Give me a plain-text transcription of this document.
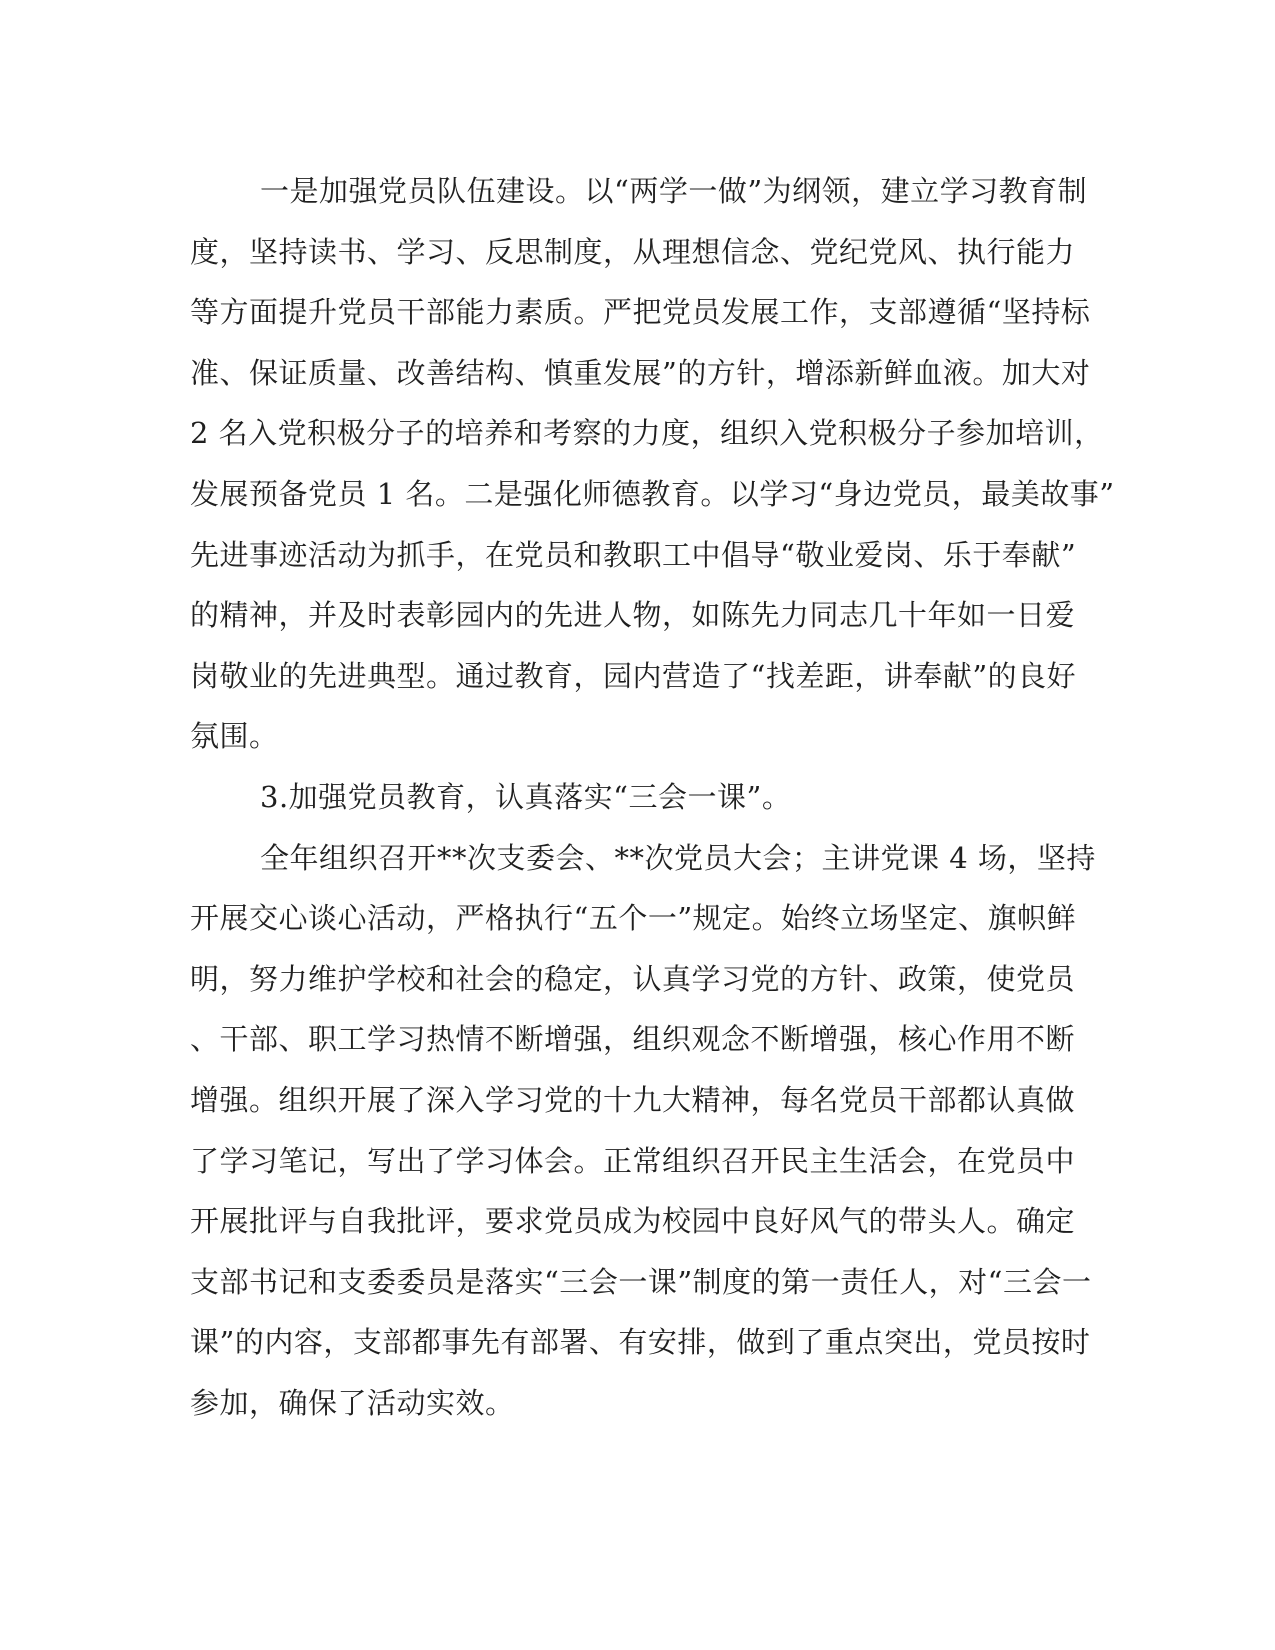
一是加强党员队伍建设。以“两学一做”为纲领，建立学习教育制
度，坚持读书、学习、反思制度，从理想信念、党纪党风、执行能力
等方面提升党员干部能力素质。严把党员发展工作，支部遵循“坚持标
准、保证质量、改善结构、慎重发展”的方针，增添新鲜血液。加大对
2 名入党积极分子的培养和考察的力度，组织入党积极分子参加培训，
发展预备党员 1 名。二是强化师德教育。以学习“身边党员，最美故事”
先进事迹活动为抓手，在党员和教职工中倡导“敬业爱岗、乐于奉献”
的精神，并及时表彰园内的先进人物，如陈先力同志几十年如一日爱
岗敬业的先进典型。通过教育，园内营造了“找差距，讲奉献”的良好
氛围。
3.加强党员教育，认真落实“三会一课”。
全年组织召开**次支委会、**次党员大会；主讲党课 4 场，坚持
开展交心谈心活动，严格执行“五个一”规定。始终立场坚定、旗帜鲜
明，努力维护学校和社会的稳定，认真学习党的方针、政策，使党员
、干部、职工学习热情不断增强，组织观念不断增强，核心作用不断
增强。组织开展了深入学习党的十九大精神，每名党员干部都认真做
了学习笔记，写出了学习体会。正常组织召开民主生活会，在党员中
开展批评与自我批评，要求党员成为校园中良好风气的带头人。确定
支部书记和支委委员是落实“三会一课”制度的第一责任人，对“三会一
课”的内容，支部都事先有部署、有安排，做到了重点突出，党员按时
参加，确保了活动实效。
